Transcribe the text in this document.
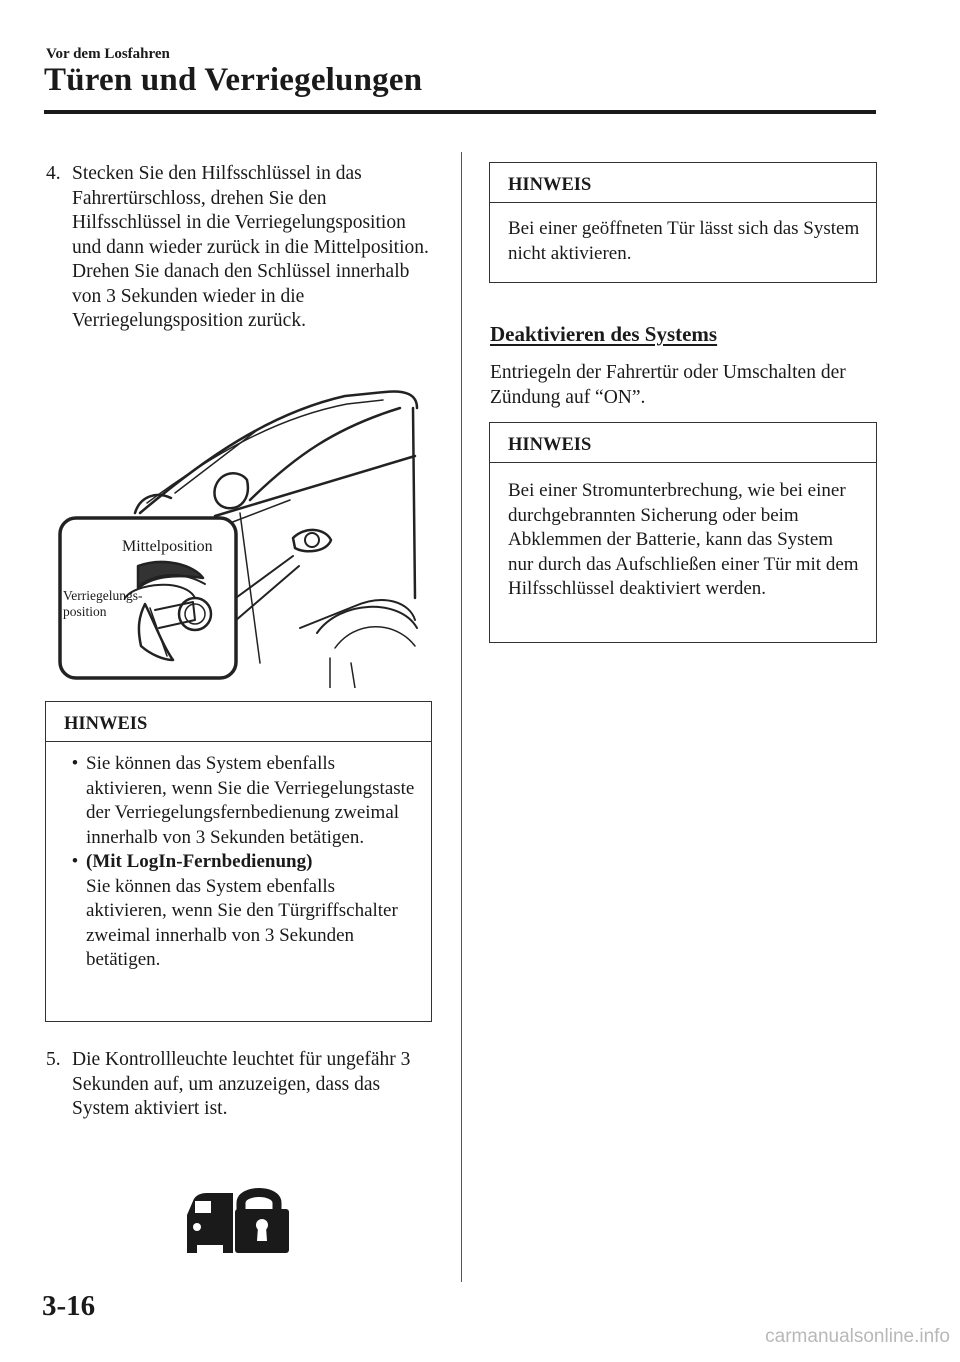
Vor dem Losfahren
Türen und Verriegelungen
4. Stecken Sie den Hilfsschlüssel in das Fahrertürschloss, drehen Sie den Hilfsschlüssel in die Verriegelungsposition und dann wieder zurück in die Mittelposition. Drehen Sie danach den Schlüssel innerhalb von 3 Sekunden wieder in die Verriegelungsposition zurück.
Mittelposition
Verriegelungs-
position
HINWEIS
• Sie können das System ebenfalls aktivieren, wenn Sie die Verriegelungstaste der Verriegelungsfernbedienung zweimal innerhalb von 3 Sekunden betätigen.
• (Mit LogIn-Fernbedienung)
Sie können das System ebenfalls aktivieren, wenn Sie den Türgriffschalter zweimal innerhalb von 3 Sekunden betätigen.
5. Die Kontrollleuchte leuchtet für ungefähr 3 Sekunden auf, um anzuzeigen, dass das System aktiviert ist.
HINWEIS
Bei einer geöffneten Tür lässt sich das System nicht aktivieren.
Deaktivieren des Systems
Entriegeln der Fahrertür oder Umschalten der Zündung auf “ON”.
HINWEIS
Bei einer Stromunterbrechung, wie bei einer durchgebrannten Sicherung oder beim Abklemmen der Batterie, kann das System nur durch das Aufschließen einer Tür mit dem Hilfsschlüssel deaktiviert werden.
3-16
carmanualsonline.info
